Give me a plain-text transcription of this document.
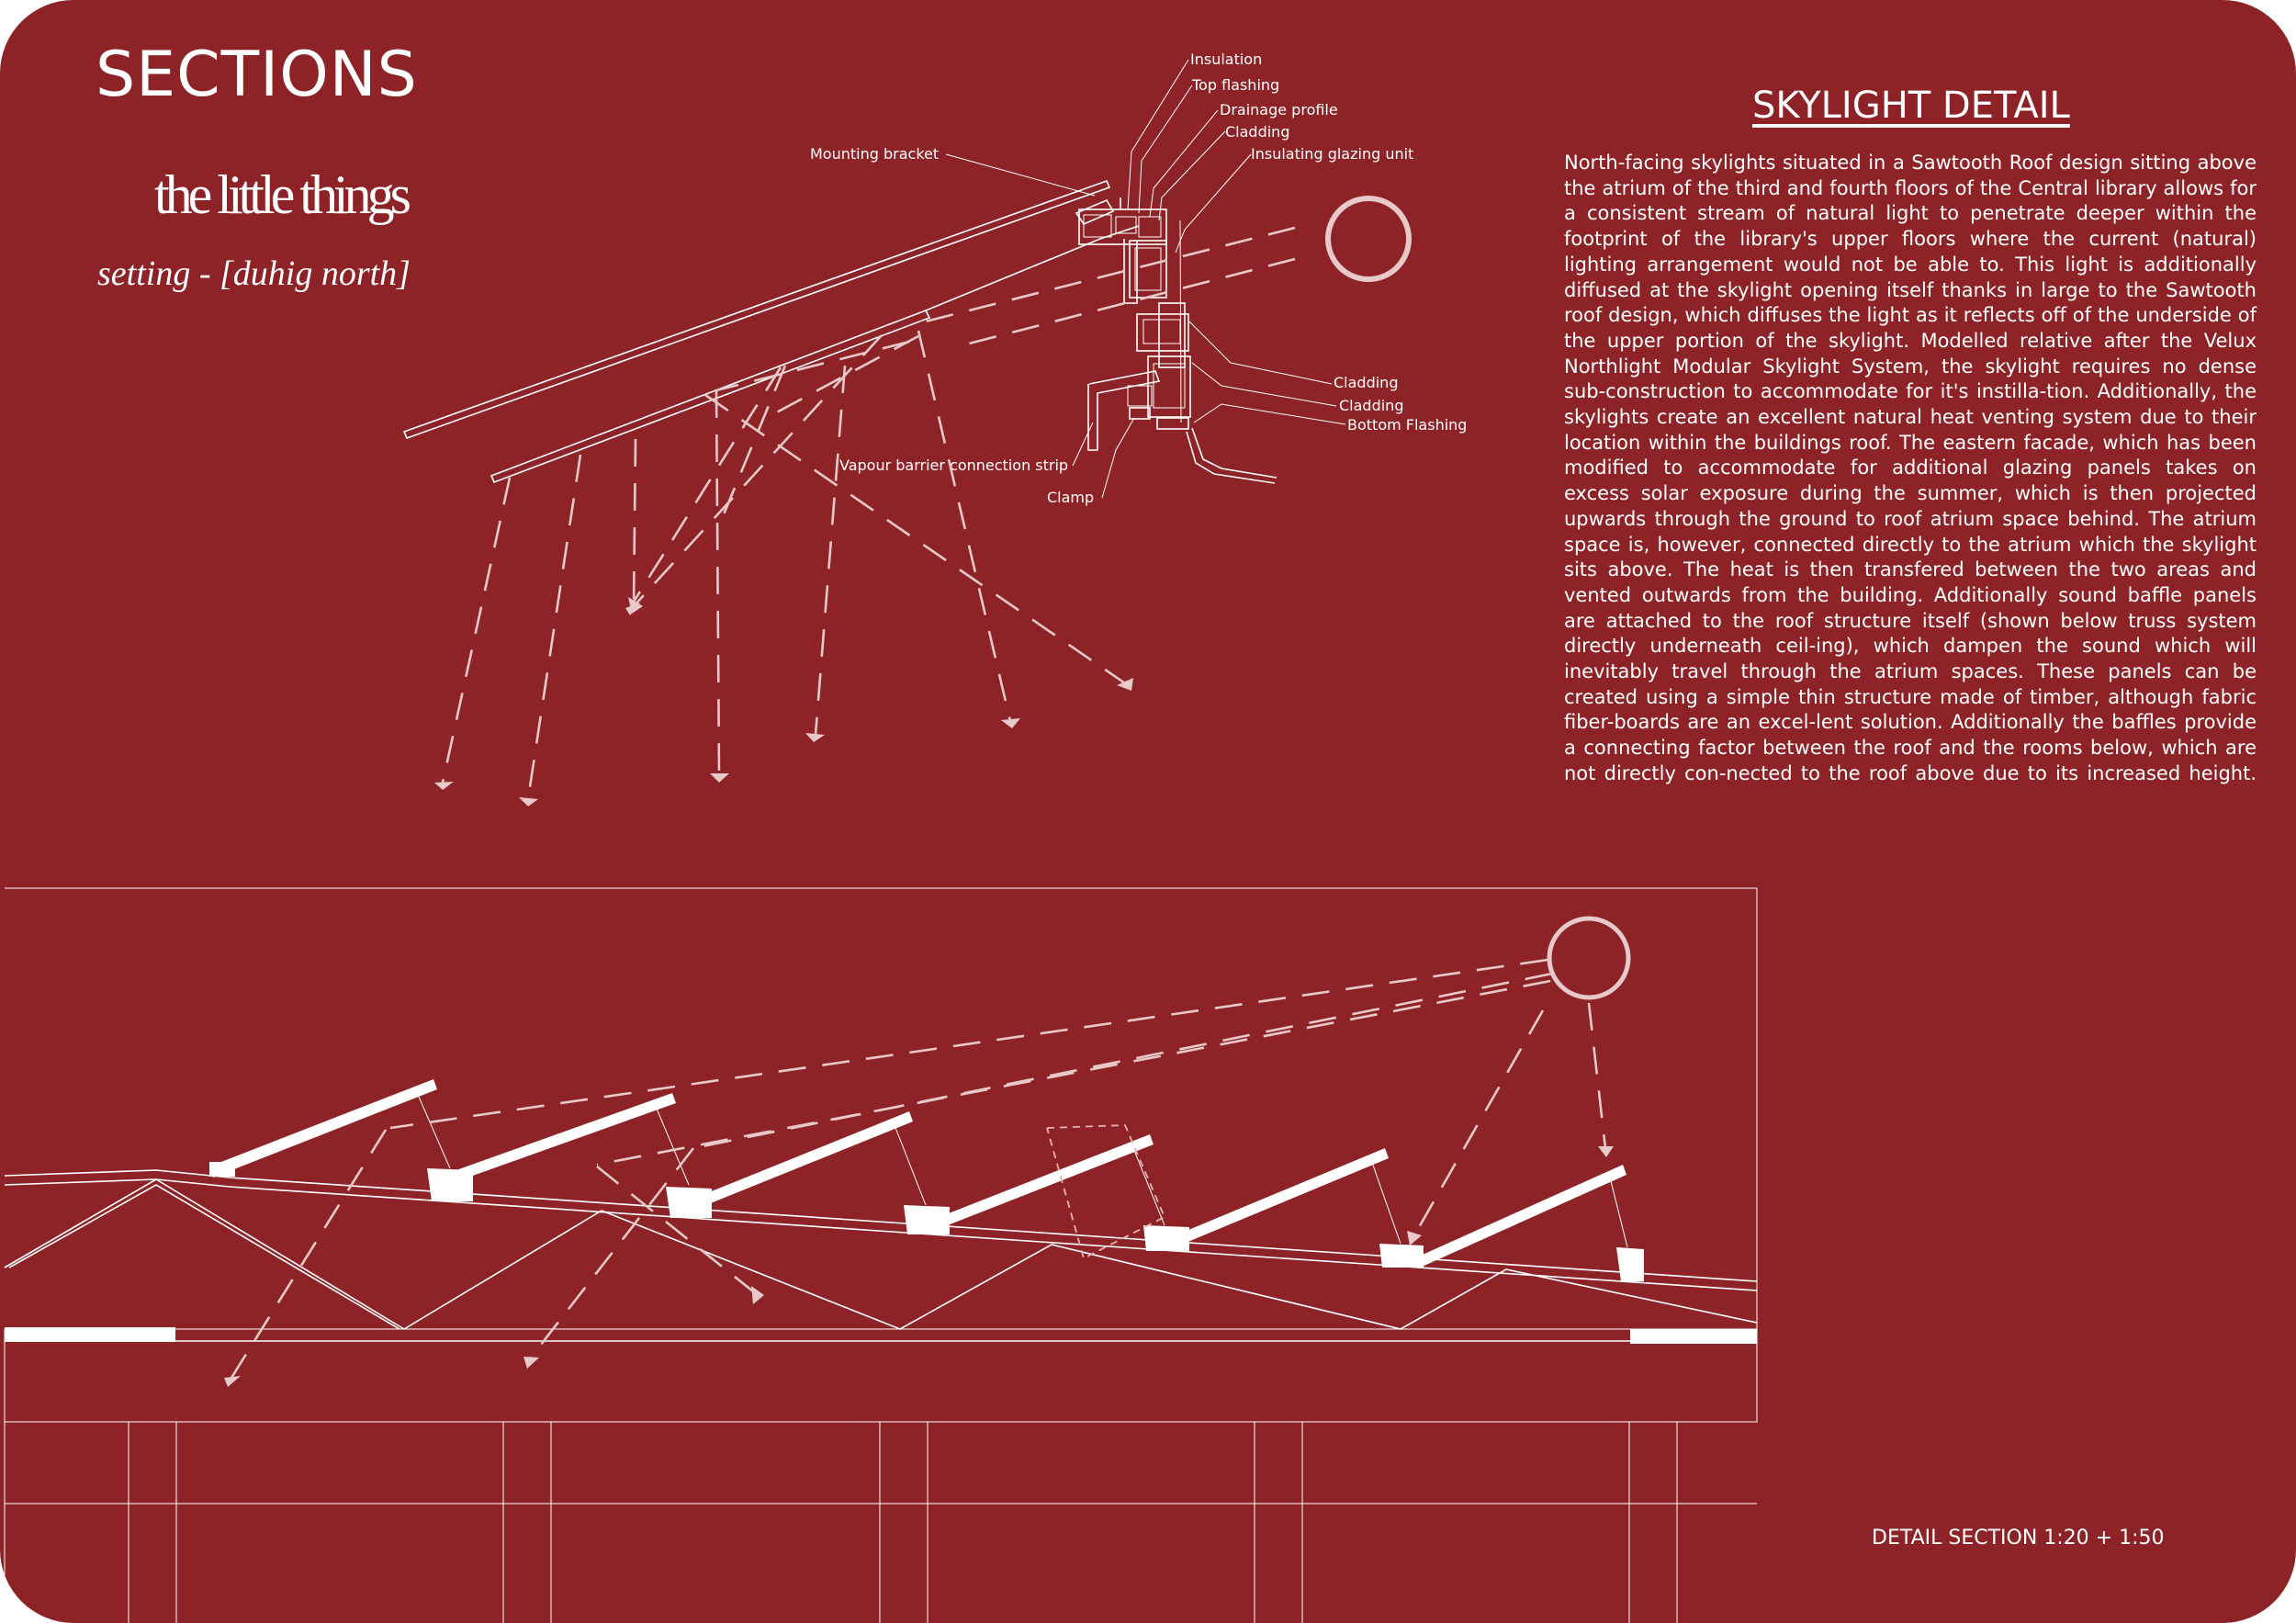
Insulation
Top flashing
Drainage profile
Cladding
Insulating glazing unit
Mounting bracket
Cladding
Cladding
Bottom Flashing
Vapour barrier connection strip
Clamp
SECTIONS
the little things
setting - [duhig north]
SKYLIGHT DETAIL
North-facing skylights situated in a Sawtooth Roof design sitting above the atrium of the third and fourth floors of the Central library allows for a consistent stream of natural light to penetrate deeper within the footprint of the library's upper floors where the current (natural) lighting arrangement would not be able to. This light is additionally diffused at the skylight opening itself thanks in large to the Sawtooth roof design, which diffuses the light as it reflects off of the underside of the upper portion of the skylight. Modelled relative after the Velux Northlight Modular Skylight System, the skylight requires no dense sub-construction to accommodate for it's instilla-tion. Additionally, the skylights create an excellent natural heat venting system due to their location within the buildings roof. The eastern facade, which has been modified to accommodate for additional glazing panels takes on excess solar exposure during the summer, which is then projected upwards through the ground to roof atrium space behind. The atrium space is, however, connected directly to the atrium which the skylight sits above. The heat is then transfered between the two areas and vented outwards from the building. Additionally sound baffle panels are attached to the roof structure itself (shown below truss system directly underneath ceil-ing), which dampen the sound which will inevitably travel through the atrium spaces. These panels can be created using a simple thin structure made of timber, although fabric fiber-boards are an excel-lent solution. Additionally the baffles provide a connecting factor between the roof and the rooms below, which are not directly con-nected to the roof above due to its increased height.
DETAIL SECTION 1:20 + 1:50
